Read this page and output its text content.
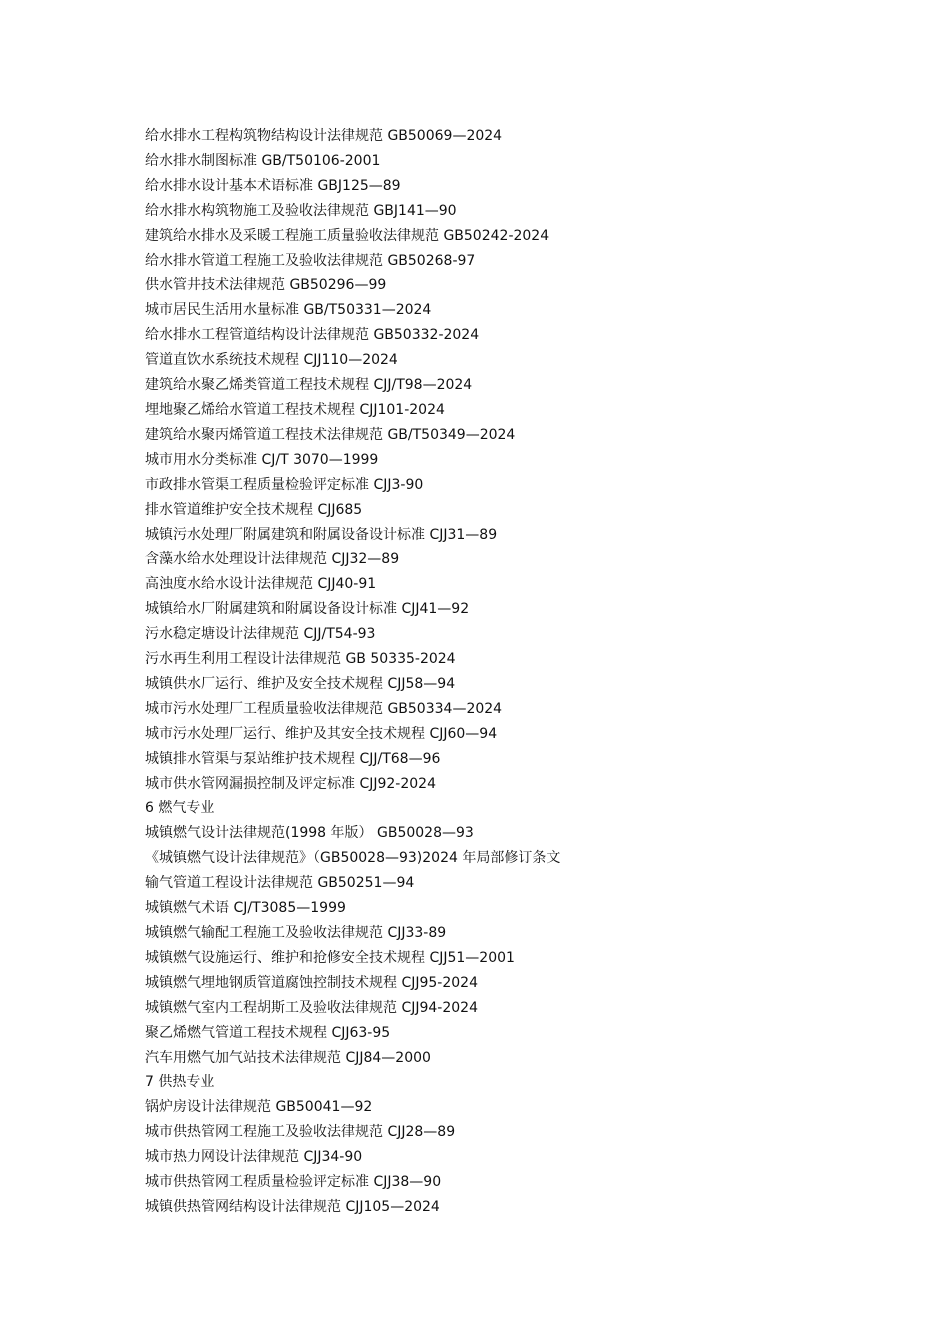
给水排水工程构筑物结构设计法律规范 GB50069—2024

给水排水制图标准 GB/T50106-2001

给水排水设计基本术语标准 GBJ125—89

给水排水构筑物施工及验收法律规范 GBJ141—90

建筑给水排水及采暖工程施工质量验收法律规范 GB50242-2024

给水排水管道工程施工及验收法律规范 GB50268-97

供水管井技术法律规范 GB50296—99

城市居民生活用水量标准 GB/T50331—2024

给水排水工程管道结构设计法律规范 GB50332-2024

管道直饮水系统技术规程 CJJ110—2024

建筑给水聚乙烯类管道工程技术规程 CJJ/T98—2024

埋地聚乙烯给水管道工程技术规程 CJJ101-2024

建筑给水聚丙烯管道工程技术法律规范 GB/T50349—2024

城市用水分类标准 CJ/T 3070—1999

市政排水管渠工程质量检验评定标准 CJJ3-90

排水管道维护安全技术规程 CJJ685

城镇污水处理厂附属建筑和附属设备设计标准 CJJ31—89

含藻水给水处理设计法律规范 CJJ32—89

高浊度水给水设计法律规范 CJJ40-91

城镇给水厂附属建筑和附属设备设计标准 CJJ41—92

污水稳定塘设计法律规范 CJJ/T54-93

污水再生利用工程设计法律规范 GB 50335-2024

城镇供水厂运行、维护及安全技术规程 CJJ58—94

城市污水处理厂工程质量验收法律规范 GB50334—2024

城市污水处理厂运行、维护及其安全技术规程 CJJ60—94

城镇排水管渠与泵站维护技术规程 CJJ/T68—96

城市供水管网漏损控制及评定标准 CJJ92-2024

6 燃气专业

城镇燃气设计法律规范(1998 年版） GB50028—93

《城镇燃气设计法律规范》（GB50028—93)2024 年局部修订条文

输气管道工程设计法律规范 GB50251—94

城镇燃气术语 CJ/T3085—1999

城镇燃气输配工程施工及验收法律规范 CJJ33-89

城镇燃气设施运行、维护和抢修安全技术规程 CJJ51—2001

城镇燃气埋地钢质管道腐蚀控制技术规程 CJJ95-2024

城镇燃气室内工程胡斯工及验收法律规范 CJJ94-2024

聚乙烯燃气管道工程技术规程 CJJ63-95

汽车用燃气加气站技术法律规范 CJJ84—2000

7 供热专业

锅炉房设计法律规范 GB50041—92

城市供热管网工程施工及验收法律规范 CJJ28—89

城市热力网设计法律规范 CJJ34-90

城市供热管网工程质量检验评定标准 CJJ38—90

城镇供热管网结构设计法律规范 CJJ105—2024
